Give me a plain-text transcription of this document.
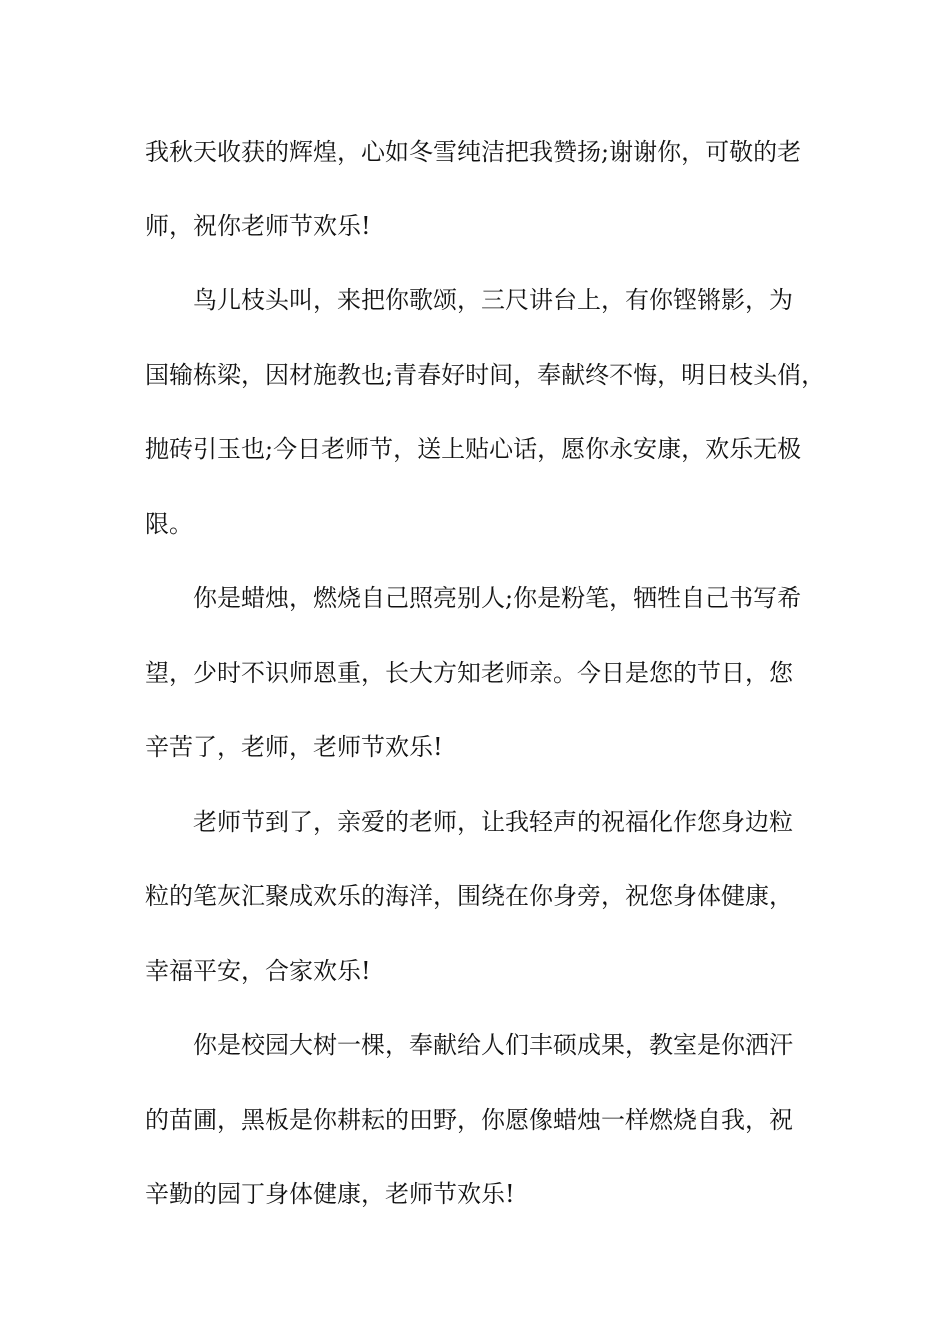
我秋天收获的辉煌，心如冬雪纯洁把我赞扬;谢谢你，可敬的老
师，祝你老师节欢乐!
　　鸟儿枝头叫，来把你歌颂，三尺讲台上，有你铿锵影，为
国输栋梁，因材施教也;青春好时间，奉献终不悔，明日枝头俏，
抛砖引玉也;今日老师节，送上贴心话，愿你永安康，欢乐无极
限。
　　你是蜡烛，燃烧自己照亮别人;你是粉笔，牺牲自己书写希
望，少时不识师恩重，长大方知老师亲。今日是您的节日，您
辛苦了，老师，老师节欢乐!
　　老师节到了，亲爱的老师，让我轻声的祝福化作您身边粒
粒的笔灰汇聚成欢乐的海洋，围绕在你身旁，祝您身体健康，
幸福平安，合家欢乐!
　　你是校园大树一棵，奉献给人们丰硕成果，教室是你洒汗
的苗圃，黑板是你耕耘的田野，你愿像蜡烛一样燃烧自我，祝
辛勤的园丁身体健康，老师节欢乐!
